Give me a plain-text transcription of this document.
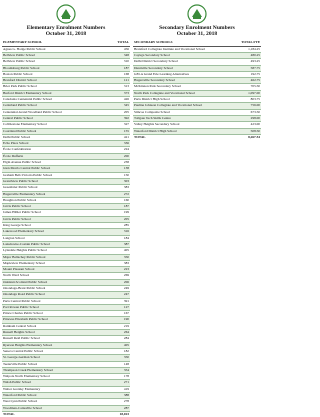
Elementary Enrolment Numbers
October 31, 2018
ELEMENTARY SCHOOL	TOTAL
Agnes G. Hodge Public School	456
Bellview Public School	348
Bellview Public School	310
Bloomsburg Public School	187
Boston Public School	168
Branford District School	121
Brier Park Public School	313
Burford District Elementary School	373
Caledonia Centennial Public School	426
Cedarland Public School	345
Centennial-Grand Woodland Public School	205
Central Public School	392
Cobblestone Elementary School	327
Courtland Public School	155
Delhi Public School	421
Echo Place School	336
École Confédération	224
École Dufferin	200
Elgin Avenue Public School	238
Glen Morris Central Public School	138
Graham Bell-Victoria Public School	150
Grandview Public School	303
Greenbrier Public School	383
Hagersville Elementary School	272
Houghton Public School	160
Jarvis Public School	187
James Hillier Public School	199
Jarvis Public School	205
King George School	285
Lakewood Elementary School	316
Langton School	184
Lansdowne-Costain Public School	387
Lynndale Heights Public School	405
Major Ballachey Public School	350
Mapleview Elementary School	383
Mount Pleasant School	223
North Ward School	269
Oakland-Scotland Public School	206
Onondaga-Brant Public School	249
Onondaga Road Public School	247
Paris Central Public School	391
Port Rowan Public School	127
Prince Charles Public School	167
Princess Elizabeth Public School	190
Rainham Central School	219
Russell Heights School	264
Russell Reid Public School	284
Ryerson Heights Elementary School	405
Seneca Central Public School	182
St. George-German School	350
Teeterville Public School	148
Thompson Creek Elementary School	354
Walpole North Elementary School	178
Walsh Public School	271
Walter Gretzky Elementary	419
Waterford Public School	388
West Lynn Public School	278
Woodman-Cainsville School	287
TOTAL	18,023
Secondary Enrolment Numbers
October 31, 2018
SECONDARY SCHOOLS	TOTAL FTE
Brantford Collegiate Institute and Vocational School	1,184.25
Cayuga Secondary School	480.25
Delhi District Secondary School	493.25
Dunnville Secondary School	587.75
GELA Grand Erie Learning Alternatives	192.75
Hagersville Secondary School	462.75
McKinnon Park Secondary School	705.50
North Park Collegiate and Vocational School	1,097.00
Paris District High School	803.75
Pauline Johnson Collegiate and Vocational School	756.00
Simcoe Composite School	673.50
Tollgate Tech Skills Centre	298.00
Valley Heights Secondary School	423.00
Waterford District High School	508.50
TOTAL	8,267.54
